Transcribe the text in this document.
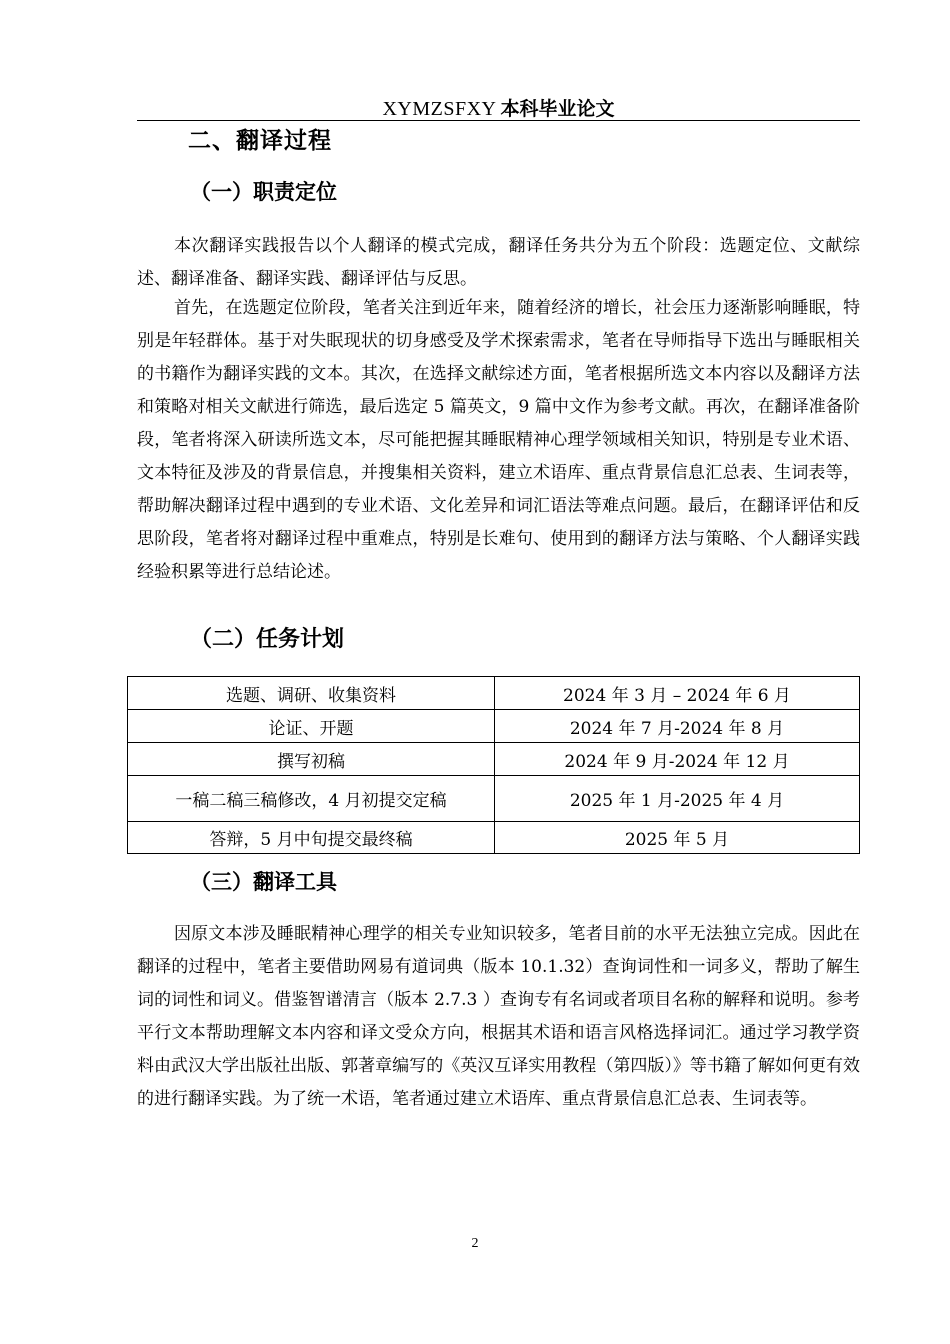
XYMZSFXY 本科毕业论文
二、翻译过程
（一）职责定位

本次翻译实践报告以个人翻译的模式完成，翻译任务共分为五个阶段：选题定位、文献综述、翻译准备、翻译实践、翻译评估与反思。

首先，在选题定位阶段，笔者关注到近年来，随着经济的增长，社会压力逐渐影响睡眠，特别是年轻群体。基于对失眠现状的切身感受及学术探索需求，笔者在导师指导下选出与睡眠相关的书籍作为翻译实践的文本。其次，在选择文献综述方面，笔者根据所选文本内容以及翻译方法和策略对相关文献进行筛选，最后选定 5 篇英文，9 篇中文作为参考文献。再次，在翻译准备阶段，笔者将深入研读所选文本，尽可能把握其睡眠精神心理学领域相关知识，特别是专业术语、文本特征及涉及的背景信息，并搜集相关资料，建立术语库、重点背景信息汇总表、生词表等，帮助解决翻译过程中遇到的专业术语、文化差异和词汇语法等难点问题。最后，在翻译评估和反思阶段，笔者将对翻译过程中重难点，特别是长难句、使用到的翻译方法与策略、个人翻译实践经验积累等进行总结论述。

（二）任务计划
选题、调研、收集资料	2024 年 3 月 – 2024 年 6 月
论证、开题	2024 年 7 月-2024 年 8 月
撰写初稿	2024 年 9 月-2024 年 12 月
一稿二稿三稿修改，4 月初提交定稿	2025 年 1 月-2025 年 4 月
答辩，5 月中旬提交最终稿	2025 年 5 月
（三）翻译工具

因原文本涉及睡眠精神心理学的相关专业知识较多，笔者目前的水平无法独立完成。因此在翻译的过程中，笔者主要借助网易有道词典（版本 10.1.32）查询词性和一词多义，帮助了解生词的词性和词义。借鉴智谱清言（版本 2.7.3 ）查询专有名词或者项目名称的解释和说明。参考平行文本帮助理解文本内容和译文受众方向，根据其术语和语言风格选择词汇。通过学习教学资料由武汉大学出版社出版、郭著章编写的《英汉互译实用教程（第四版）》等书籍了解如何更有效的进行翻译实践。为了统一术语，笔者通过建立术语库、重点背景信息汇总表、生词表等。

2
